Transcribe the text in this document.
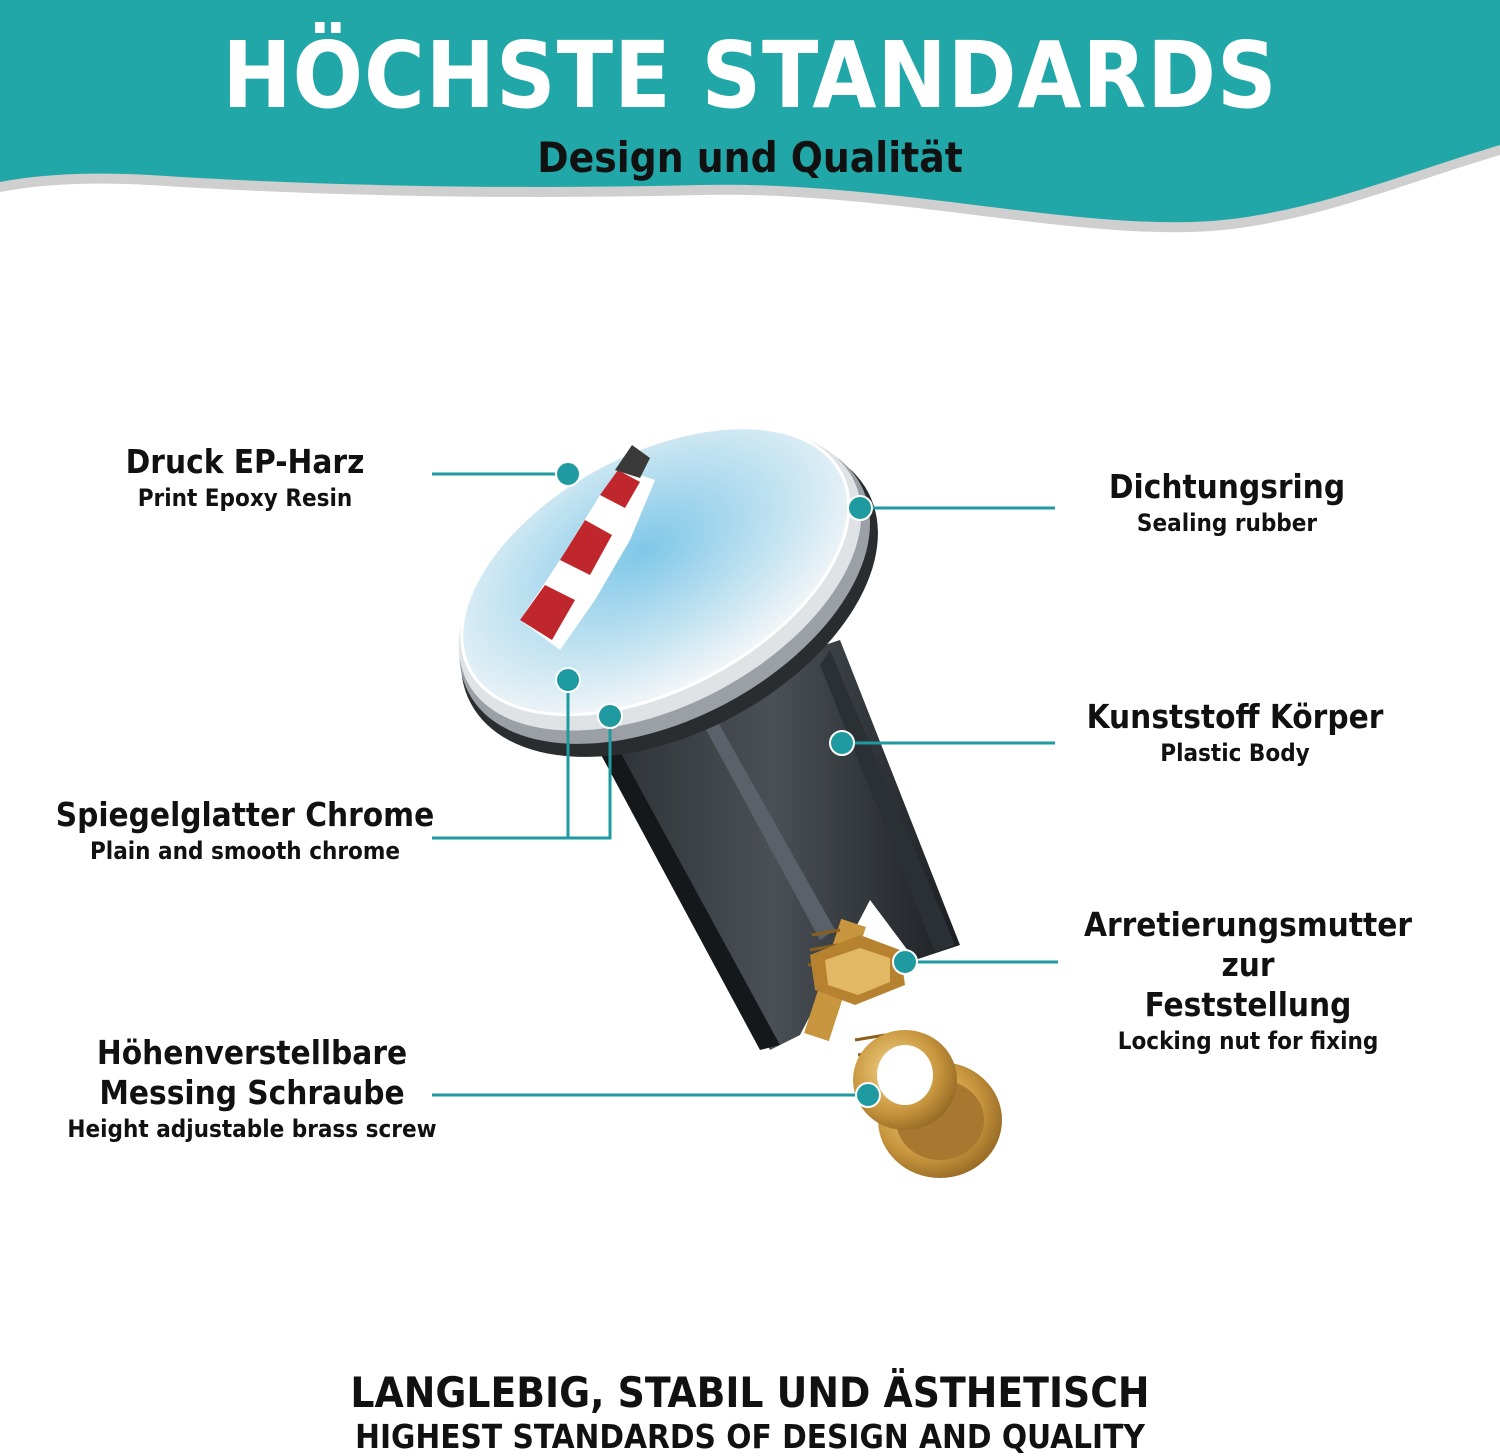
HÖCHSTE STANDARDS
Design und Qualität
Druck EP-Harz
Print Epoxy Resin	Dichtungsring
Sealing rubber
Kunststoff Körper
Plastic Body
Spiegelglatter Chrome
Plain and smooth chrome
Arretierungsmutter zur
Feststellung
Locking nut for fixing
Höhenverstellbare
Messing Schraube
Height adjustable brass screw
LANGLEBIG, STABIL UND ÄSTHETISCH
HIGHEST STANDARDS OF DESIGN AND QUALITY
